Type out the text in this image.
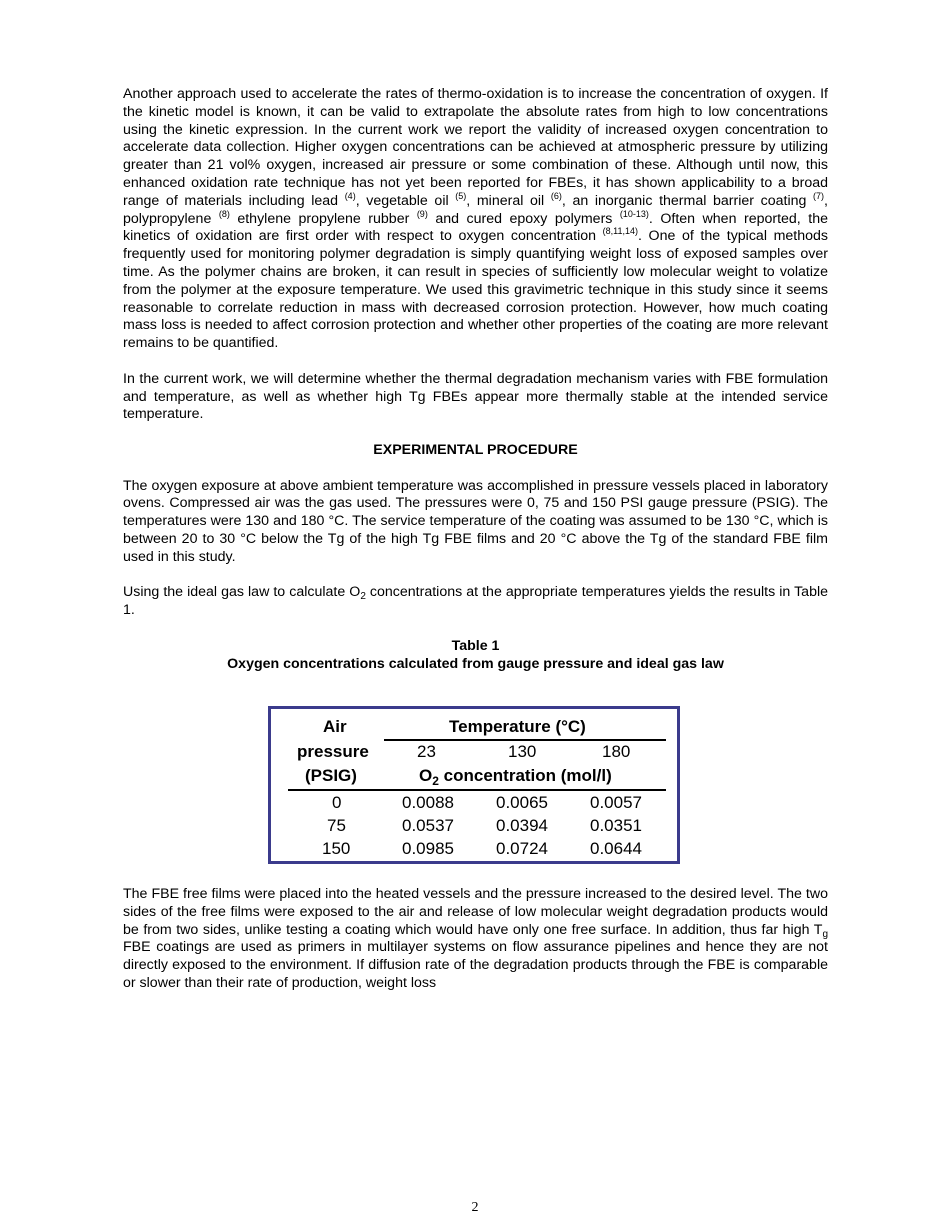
Another approach used to accelerate the rates of thermo-oxidation is to increase the concentration of oxygen. If the kinetic model is known, it can be valid to extrapolate the absolute rates from high to low concentrations using the kinetic expression. In the current work we report the validity of increased oxygen concentration to accelerate data collection. Higher oxygen concentrations can be achieved at atmospheric pressure by utilizing greater than 21 vol% oxygen, increased air pressure or some combination of these. Although until now, this enhanced oxidation rate technique has not yet been reported for FBEs, it has shown applicability to a broad range of materials including lead $^{(4)}$, vegetable oil $^{(5)}$, mineral oil $^{(6)}$, an inorganic thermal barrier coating $^{(7)}$, polypropylene $^{(8)}$ ethylene propylene rubber $^{(9)}$ and cured epoxy polymers $^{(10-13)}$. Often when reported, the kinetics of oxidation are first order with respect to oxygen concentration $^{(8,11,14)}$. One of the typical methods frequently used for monitoring polymer degradation is simply quantifying weight loss of exposed samples over time. As the polymer chains are broken, it can result in species of sufficiently low molecular weight to volatize from the polymer at the exposure temperature. We used this gravimetric technique in this study since it seems reasonable to correlate reduction in mass with decreased corrosion protection. However, how much coating mass loss is needed to affect corrosion protection and whether other properties of the coating are more relevant remains to be quantified.

In the current work, we will determine whether the thermal degradation mechanism varies with FBE formulation and temperature, as well as whether high Tg FBEs appear more thermally stable at the intended service temperature.

EXPERIMENTAL PROCEDURE

The oxygen exposure at above ambient temperature was accomplished in pressure vessels placed in laboratory ovens. Compressed air was the gas used. The pressures were 0, 75 and 150 PSI gauge pressure (PSIG). The temperatures were 130 and 180 °C. The service temperature of the coating was assumed to be 130 °C, which is between 20 to 30 °C below the Tg of the high Tg FBE films and 20 °C above the Tg of the standard FBE film used in this study.

Using the ideal gas law to calculate $O_2$ concentrations at the appropriate temperatures yields the results in Table 1.

Table 1
Oxygen concentrations calculated from gauge pressure and ideal gas law
Air
pressure
(PSIG)
Temperature (°C)
23	130	180
$O_2$ concentration (mol/l)
0	0.0088 0.0065 0.0057
75	0.0537 0.0394 0.0351
150	0.0985 0.0724 0.0644

The FBE free films were placed into the heated vessels and the pressure increased to the desired level. The two sides of the free films were exposed to the air and release of low molecular weight degradation products would be from two sides, unlike testing a coating which would have only one free surface. In addition, thus far high $T_g$ FBE coatings are used as primers in multilayer systems on flow assurance pipelines and hence they are not directly exposed to the environment. If diffusion rate of the degradation products through the FBE is comparable or slower than their rate of production, weight loss

2
